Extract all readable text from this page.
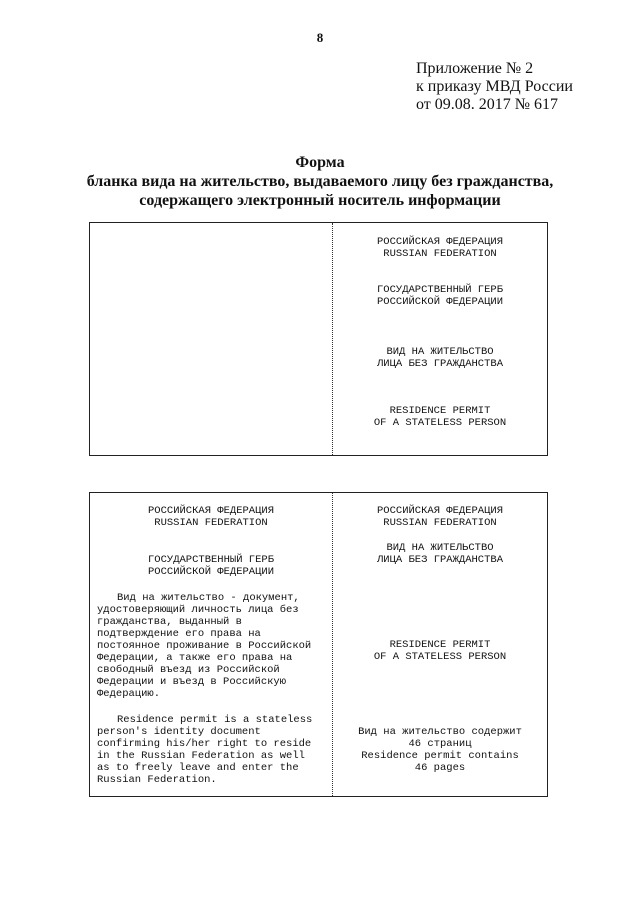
8
Приложение № 2
к приказу МВД России
от 09.08. 2017 № 617
Форма
бланка вида на жительство, выдаваемого лицу без гражданства,
содержащего электронный носитель информации
РОССИЙСКАЯ ФЕДЕРАЦИЯ
RUSSIAN FEDERATION
ГОСУДАРСТВЕННЫЙ ГЕРБ
РОССИЙСКОЙ ФЕДЕРАЦИИ
ВИД НА ЖИТЕЛЬСТВО
ЛИЦА БЕЗ ГРАЖДАНСТВА
RESIDENCE PERMIT
OF A STATELESS PERSON
РОССИЙСКАЯ ФЕДЕРАЦИЯ
RUSSIAN FEDERATION
ГОСУДАРСТВЕННЫЙ ГЕРБ
РОССИЙСКОЙ ФЕДЕРАЦИИ
Вид на жительство - документ,
удостоверяющий личность лица без
гражданства, выданный в
подтверждение его права на
постоянное проживание в Российской
Федерации, а также его права на
свободный въезд из Российской
Федерации и въезд в Российскую
Федерацию.
Residence permit is a stateless
person's identity document
confirming his/her right to reside
in the Russian Federation as well
as to freely leave and enter the
Russian Federation.
РОССИЙСКАЯ ФЕДЕРАЦИЯ
RUSSIAN FEDERATION
ВИД НА ЖИТЕЛЬСТВО
ЛИЦА БЕЗ ГРАЖДАНСТВА
RESIDENCE PERMIT
OF A STATELESS PERSON
Вид на жительство содержит
46 страниц
Residence permit contains
46 pages
